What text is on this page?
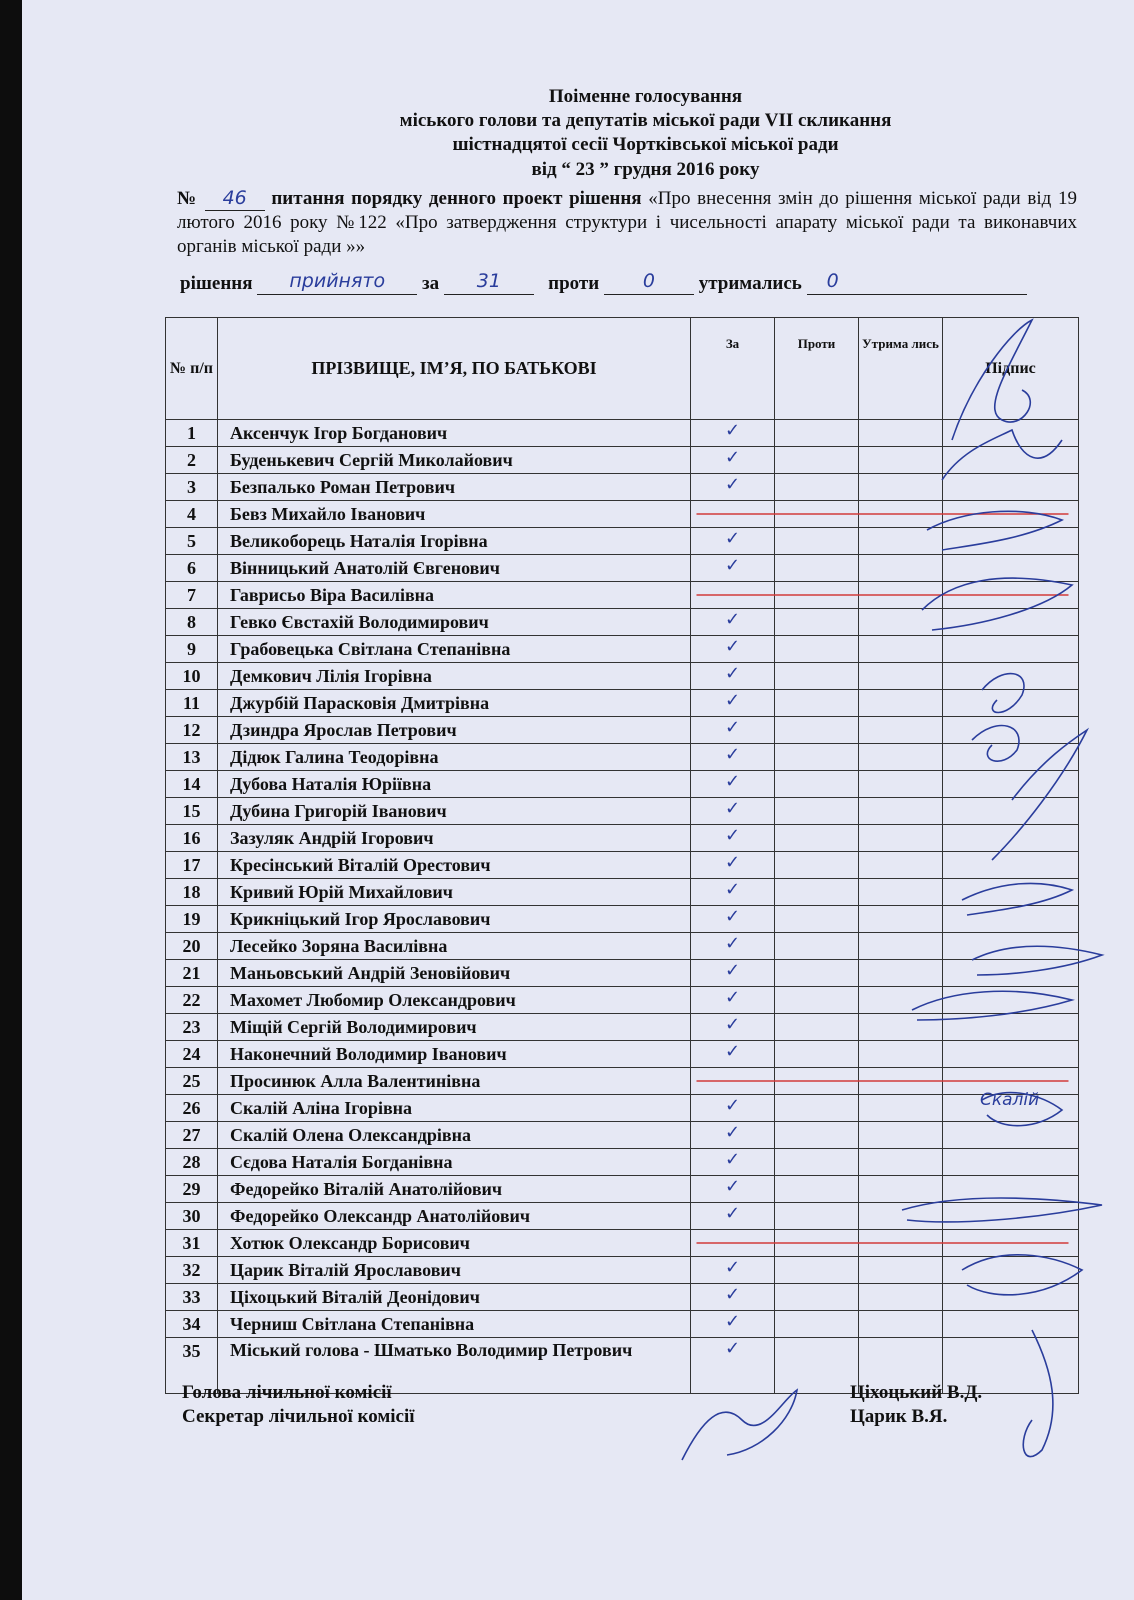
Поіменне голосування
міського голови та депутатів міської ради VII скликання
шістнадцятої сесії Чортківської міської ради
від “ 23 ” грудня 2016 року
№ 46 питання порядку денного проект рішення «Про внесення змін до рішення міської ради від 19 лютого 2016 року №122 «Про затвердження структури і чисельності апарату міської ради та виконавчих органів міської ради »»
рішення прийнято за 31 проти 0 утримались 0
№ п/п	ПРІЗВИЩЕ, ІМ’Я, ПО БАТЬКОВІ	За	Проти	Утрима лись	Підпис
1	Аксенчук Ігор Богданович	✓			
2	Буденькевич Сергій Миколайович	✓			
3	Безпалько Роман Петрович	✓			
4	Бевз Михайло Іванович				
5	Великоборець Наталія Ігорівна	✓			
6	Вінницький Анатолій Євгенович	✓			
7	Гаврисьо Віра Василівна				
8	Гевко Євстахій Володимирович	✓			
9	Грабовецька Світлана Степанівна	✓			
10	Демкович Лілія Ігорівна	✓			
11	Джурбій Парасковія Дмитрівна	✓			
12	Дзиндра Ярослав Петрович	✓			
13	Дідюк Галина Теодорівна	✓			
14	Дубова Наталія Юріївна	✓			
15	Дубина Григорій Іванович	✓			
16	Зазуляк Андрій Ігорович	✓			
17	Кресінський Віталій Орестович	✓			
18	Кривий Юрій Михайлович	✓			
19	Крикніцький Ігор Ярославович	✓			
20	Лесейко Зоряна Василівна	✓			
21	Маньовський Андрій Зеновійович	✓			
22	Махомет Любомир Олександрович	✓			
23	Міщій Сергій Володимирович	✓			
24	Наконечний Володимир Іванович	✓			
25	Просинюк Алла Валентинівна				
26	Скалій Аліна Ігорівна	✓			
27	Скалій Олена Олександрівна	✓			
28	Сєдова Наталія Богданівна	✓			
29	Федорейко Віталій Анатолійович	✓			
30	Федорейко Олександр Анатолійович	✓			
31	Хотюк Олександр Борисович				
32	Царик Віталій Ярославович	✓			
33	Ціхоцький Віталій Деонідович	✓			
34	Черниш Світлана Степанівна	✓			
35	Міський голова - Шматько Володимир Петрович	✓			
Голова лічильної комісії
Секретар лічильної комісії
Ціхоцький В.Д.
Царик В.Я.
Скалій
